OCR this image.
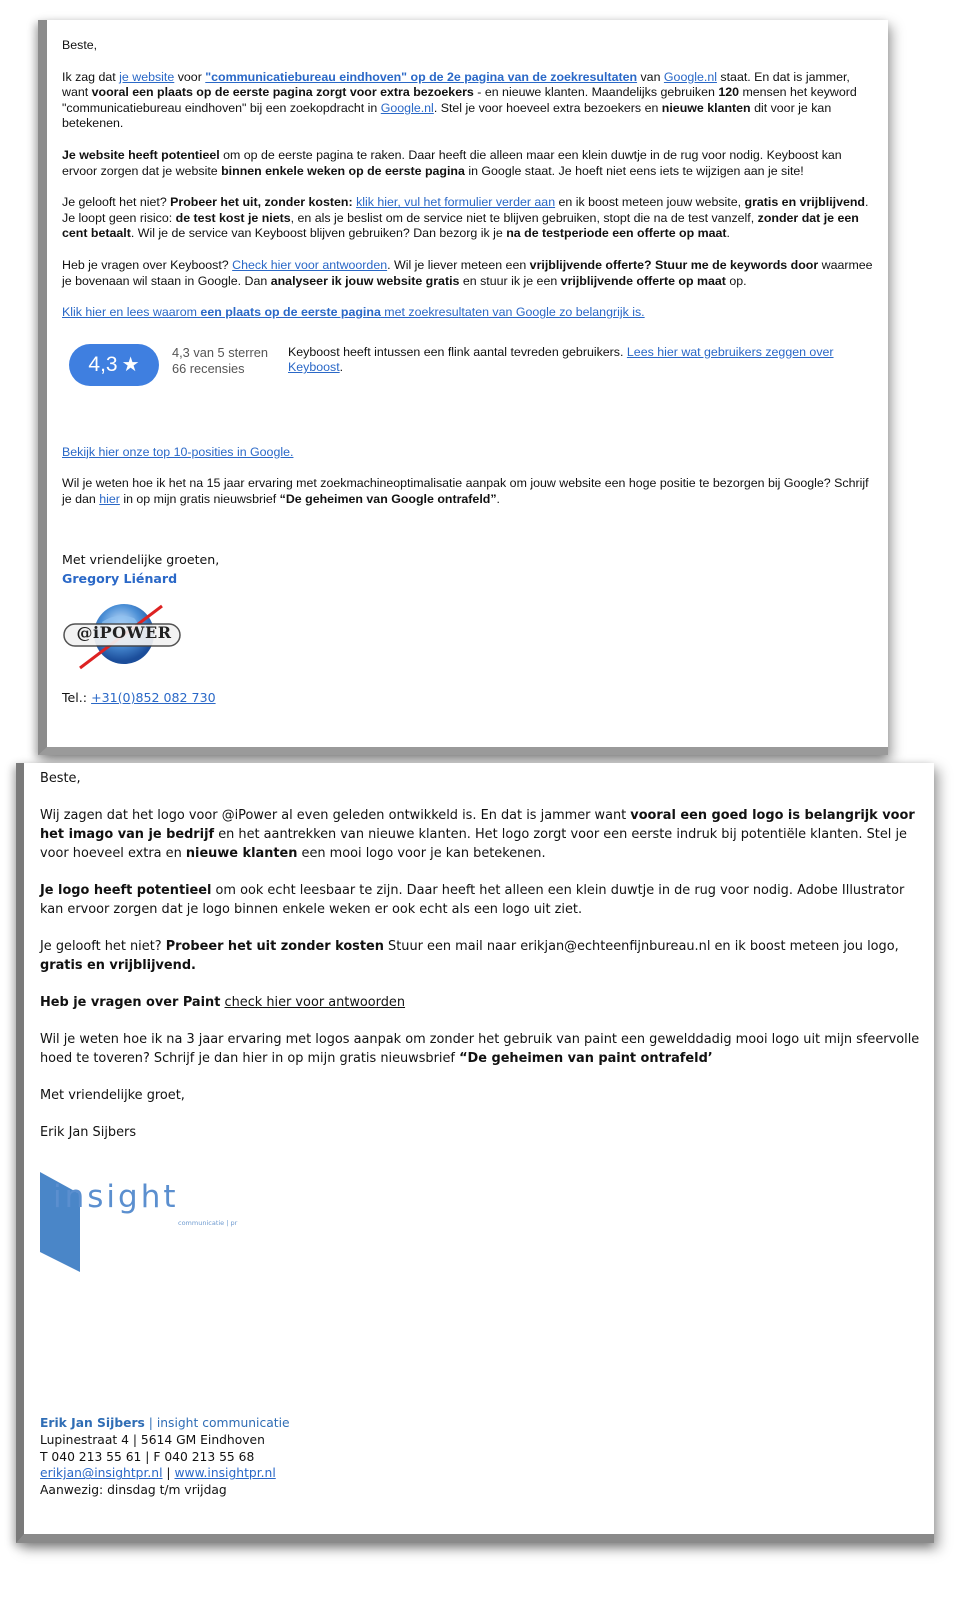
Beste,

Ik zag dat je website voor "communicatiebureau eindhoven" op de 2e pagina van de zoekresultaten van Google.nl staat. En dat is jammer, want vooral een plaats op de eerste pagina zorgt voor extra bezoekers - en nieuwe klanten. Maandelijks gebruiken 120 mensen het keyword "communicatiebureau eindhoven" bij een zoekopdracht in Google.nl. Stel je voor hoeveel extra bezoekers en nieuwe klanten dit voor je kan betekenen.

Je website heeft potentieel om op de eerste pagina te raken. Daar heeft die alleen maar een klein duwtje in de rug voor nodig. Keyboost kan ervoor zorgen dat je website binnen enkele weken op de eerste pagina in Google staat. Je hoeft niet eens iets te wijzigen aan je site!

Je gelooft het niet? Probeer het uit, zonder kosten: klik hier, vul het formulier verder aan en ik boost meteen jouw website, gratis en vrijblijvend. Je loopt geen risico: de test kost je niets, en als je beslist om de service niet te blijven gebruiken, stopt die na de test vanzelf, zonder dat je een cent betaalt. Wil je de service van Keyboost blijven gebruiken? Dan bezorg ik je na de testperiode een offerte op maat.

Heb je vragen over Keyboost? Check hier voor antwoorden. Wil je liever meteen een vrijblijvende offerte? Stuur me de keywords door waarmee je bovenaan wil staan in Google. Dan analyseer ik jouw website gratis en stuur ik je een vrijblijvende offerte op maat op.

Klik hier en lees waarom een plaats op de eerste pagina met zoekresultaten van Google zo belangrijk is.

4,3 ★
4,3 van 5 sterren
66 recensies
Keyboost heeft intussen een flink aantal tevreden gebruikers. Lees hier wat gebruikers zeggen over Keyboost.

Bekijk hier onze top 10-posities in Google.

Wil je weten hoe ik het na 15 jaar ervaring met zoekmachineoptimalisatie aanpak om jouw website een hoge positie te bezorgen bij Google? Schrijf je dan hier in op mijn gratis nieuwsbrief “De geheimen van Google ontrafeld”.

Met vriendelijke groeten,
Gregory Liénard
@iPOWER
Tel.: +31(0)852 082 730

Beste,

Wij zagen dat het logo voor @iPower al even geleden ontwikkeld is. En dat is jammer want vooral een goed logo is belangrijk voor het imago van je bedrijf en het aantrekken van nieuwe klanten. Het logo zorgt voor een eerste indruk bij potentiële klanten. Stel je voor hoeveel extra en nieuwe klanten een mooi logo voor je kan betekenen.

Je logo heeft potentieel om ook echt leesbaar te zijn. Daar heeft het alleen een klein duwtje in de rug voor nodig. Adobe Illustrator kan ervoor zorgen dat je logo binnen enkele weken er ook echt als een logo uit ziet.

Je gelooft het niet? Probeer het uit zonder kosten Stuur een mail naar erikjan@echteenfijnbureau.nl en ik boost meteen jou logo, gratis en vrijblijvend.

Heb je vragen over Paint check hier voor antwoorden

Wil je weten hoe ik na 3 jaar ervaring met logos aanpak om zonder het gebruik van paint een gewelddadig mooi logo uit mijn sfeervolle hoed te toveren? Schrijf je dan hier in op mijn gratis nieuwsbrief “De geheimen van paint ontrafeld’

Met vriendelijke groet,

Erik Jan Sijbers

insight
communicatie | pr
Erik Jan Sijbers | insight communicatie
Lupinestraat 4 | 5614 GM Eindhoven
T 040 213 55 61 | F 040 213 55 68
erikjan@insightpr.nl | www.insightpr.nl
Aanwezig: dinsdag t/m vrijdag
